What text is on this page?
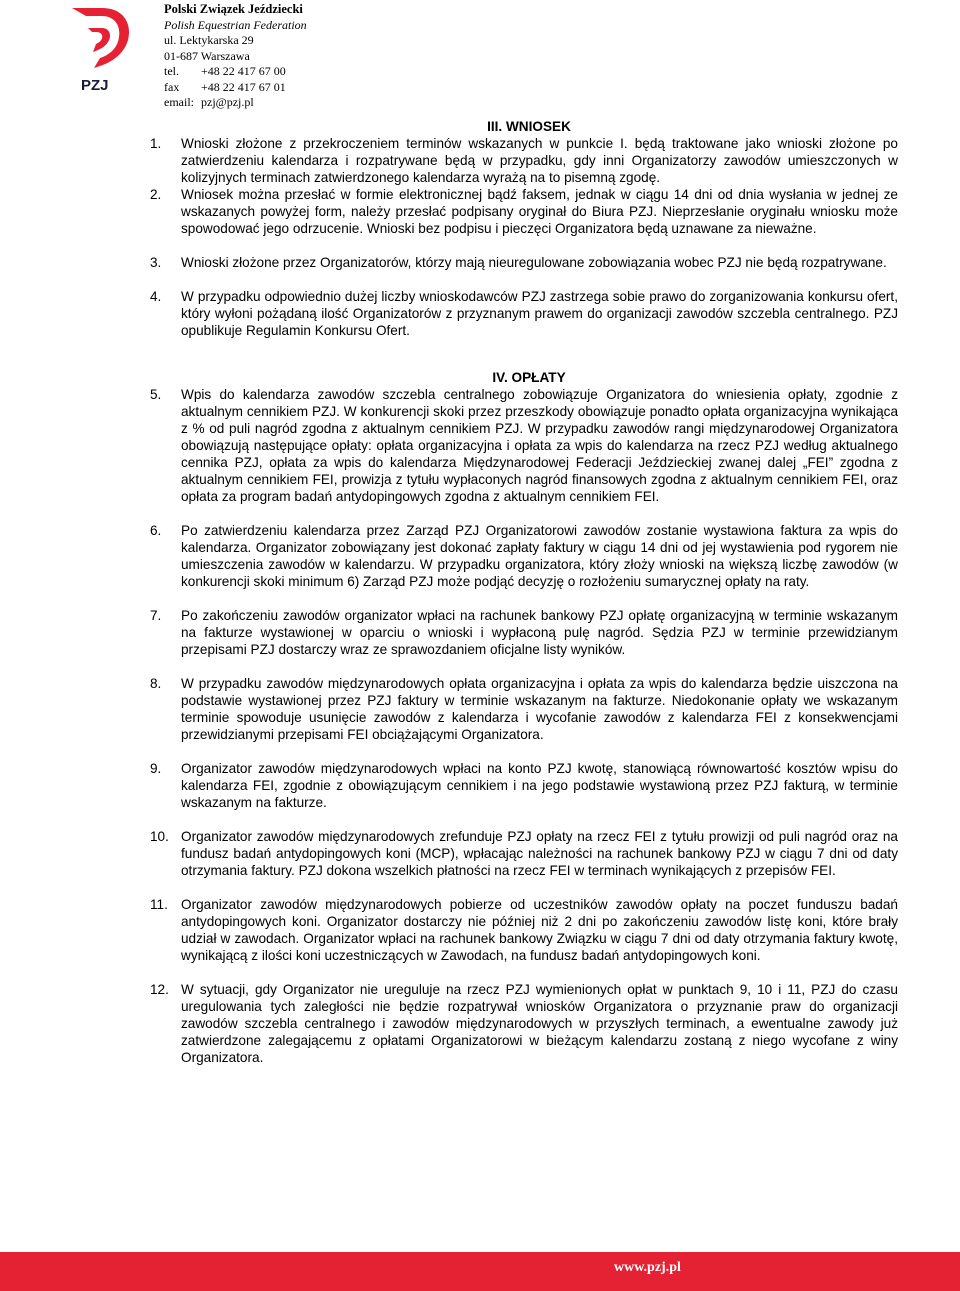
PZJ
Polski Związek Jeździecki
Polish Equestrian Federation
ul. Lektykarska 29
01-687 Warszawa
tel. +48 22 417 67 00
fax +48 22 417 67 01
email: pzj@pzj.pl

III. WNIOSEK

1.	Wnioski złożone z przekroczeniem terminów wskazanych w punkcie I. będą traktowane jako wnioski złożone po zatwierdzeniu kalendarza i rozpatrywane będą w przypadku, gdy inni Organizatorzy zawodów umieszczonych w kolizyjnych terminach zatwierdzonego kalendarza wyrażą na to pisemną zgodę.
2.	Wniosek można przesłać w formie elektronicznej bądź faksem, jednak w ciągu 14 dni od dnia wysłania w jednej ze wskazanych powyżej form, należy przesłać podpisany oryginał do Biura PZJ. Nieprzesłanie oryginału wniosku może spowodować jego odrzucenie. Wnioski bez podpisu i pieczęci Organizatora będą uznawane za nieważne.
3.	Wnioski złożone przez Organizatorów, którzy mają nieuregulowane zobowiązania wobec PZJ nie będą rozpatrywane.
4.	W przypadku odpowiednio dużej liczby wnioskodawców PZJ zastrzega sobie prawo do zorganizowania konkursu ofert, który wyłoni pożądaną ilość Organizatorów z przyznanym prawem do organizacji zawodów szczebla centralnego. PZJ opublikuje Regulamin Konkursu Ofert.

IV. OPŁATY

5.	Wpis do kalendarza zawodów szczebla centralnego zobowiązuje Organizatora do wniesienia opłaty, zgodnie z aktualnym cennikiem PZJ. W konkurencji skoki przez przeszkody obowiązuje ponadto opłata organizacyjna wynikająca z % od puli nagród zgodna z aktualnym cennikiem PZJ. W przypadku zawodów rangi międzynarodowej Organizatora obowiązują następujące opłaty: opłata organizacyjna i opłata za wpis do kalendarza na rzecz PZJ według aktualnego cennika PZJ, opłata za wpis do kalendarza Międzynarodowej Federacji Jeździeckiej zwanej dalej „FEI” zgodna z aktualnym cennikiem FEI, prowizja z tytułu wypłaconych nagród finansowych zgodna z aktualnym cennikiem FEI, oraz opłata za program badań antydopingowych zgodna z aktualnym cennikiem FEI.
6.	Po zatwierdzeniu kalendarza przez Zarząd PZJ Organizatorowi zawodów zostanie wystawiona faktura za wpis do kalendarza. Organizator zobowiązany jest dokonać zapłaty faktury w ciągu 14 dni od jej wystawienia pod rygorem nie umieszczenia zawodów w kalendarzu. W przypadku organizatora, który złoży wnioski na większą liczbę zawodów (w konkurencji skoki minimum 6) Zarząd PZJ może podjąć decyzję o rozłożeniu sumarycznej opłaty na raty.
7.	Po zakończeniu zawodów organizator wpłaci na rachunek bankowy PZJ opłatę organizacyjną w terminie wskazanym na fakturze wystawionej w oparciu o wnioski i wypłaconą pulę nagród. Sędzia PZJ w terminie przewidzianym przepisami PZJ dostarczy wraz ze sprawozdaniem oficjalne listy wyników.
8.	W przypadku zawodów międzynarodowych opłata organizacyjna i opłata za wpis do kalendarza będzie uiszczona na podstawie wystawionej przez PZJ faktury w terminie wskazanym na fakturze. Niedokonanie opłaty we wskazanym terminie spowoduje usunięcie zawodów z kalendarza i wycofanie zawodów z kalendarza FEI z konsekwencjami przewidzianymi przepisami FEI obciążającymi Organizatora.
9.	Organizator zawodów międzynarodowych wpłaci na konto PZJ kwotę, stanowiącą równowartość kosztów wpisu do kalendarza FEI, zgodnie z obowiązującym cennikiem i na jego podstawie wystawioną przez PZJ fakturą, w terminie wskazanym na fakturze.
10. Organizator zawodów międzynarodowych zrefunduje PZJ opłaty na rzecz FEI z tytułu prowizji od puli nagród oraz na fundusz badań antydopingowych koni (MCP), wpłacając należności na rachunek bankowy PZJ w ciągu 7 dni od daty otrzymania faktury. PZJ dokona wszelkich płatności na rzecz FEI w terminach wynikających z przepisów FEI.
11. Organizator zawodów międzynarodowych pobierze od uczestników zawodów opłaty na poczet funduszu badań antydopingowych koni. Organizator dostarczy nie później niż 2 dni po zakończeniu zawodów listę koni, które brały udział w zawodach. Organizator wpłaci na rachunek bankowy Związku w ciągu 7 dni od daty otrzymania faktury kwotę, wynikającą z ilości koni uczestniczących w Zawodach, na fundusz badań antydopingowych koni.
12. W sytuacji, gdy Organizator nie ureguluje na rzecz PZJ wymienionych opłat w punktach 9, 10 i 11, PZJ do czasu uregulowania tych zaległości nie będzie rozpatrywał wniosków Organizatora o przyznanie praw do organizacji zawodów szczebla centralnego i zawodów międzynarodowych w przyszłych terminach, a ewentualne zawody już zatwierdzone zalegającemu z opłatami Organizatorowi w bieżącym kalendarzu zostaną z niego wycofane z winy Organizatora.
www.pzj.pl
